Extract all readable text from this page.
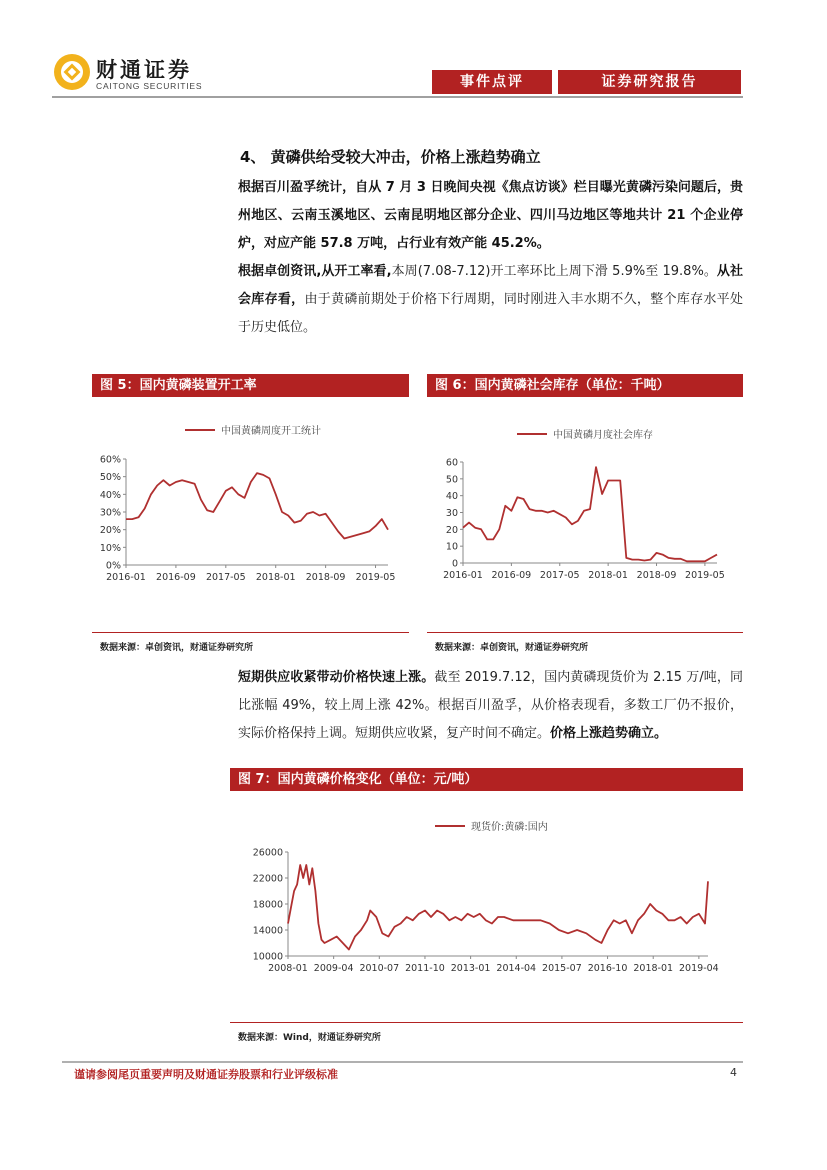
财通证券
CAITONG SECURITIES	事件点评	证券研究报告
4、 黄磷供给受较大冲击，价格上涨趋势确立
根据百川盈孚统计，自从 7 月 3 日晚间央视《焦点访谈》栏目曝光黄磷污染问题后，贵州地区、云南玉溪地区、云南昆明地区部分企业、四川马边地区等地共计 21 个企业停炉，对应产能 57.8 万吨，占行业有效产能 45.2%。
根据卓创资讯,从开工率看,本周(7.08-7.12)开工率环比上周下滑 5.9%至 19.8%。从社会库存看，由于黄磷前期处于价格下行周期，同时刚进入丰水期不久，整个库存水平处于历史低位。
图 5：国内黄磷装置开工率
中国黄磷周度开工统计
0%
10%
20%
30%
40%
50%
60%
2016-01 2016-09 2017-05 2018-01 2018-09 2019-05
数据来源：卓创资讯，财通证券研究所
图 6：国内黄磷社会库存（单位：千吨）
中国黄磷月度社会库存
0
10
20
30
40
50
60
2016-01 2016-09 2017-05 2018-01 2018-09 2019-05
数据来源：卓创资讯，财通证券研究所
短期供应收紧带动价格快速上涨。截至 2019.7.12，国内黄磷现货价为 2.15 万/吨，同比涨幅 49%，较上周上涨 42%。根据百川盈孚，从价格表现看，多数工厂仍不报价，实际价格保持上调。短期供应收紧，复产时间不确定。价格上涨趋势确立。
图 7：国内黄磷价格变化（单位：元/吨）
现货价:黄磷:国内
10000
14000
18000
22000
26000
2008-01 2009-04 2010-07 2011-10 2013-01 2014-04 2015-07 2016-10 2018-01 2019-04
数据来源：Wind，财通证券研究所
谨请参阅尾页重要声明及财通证券股票和行业评级标准	4
